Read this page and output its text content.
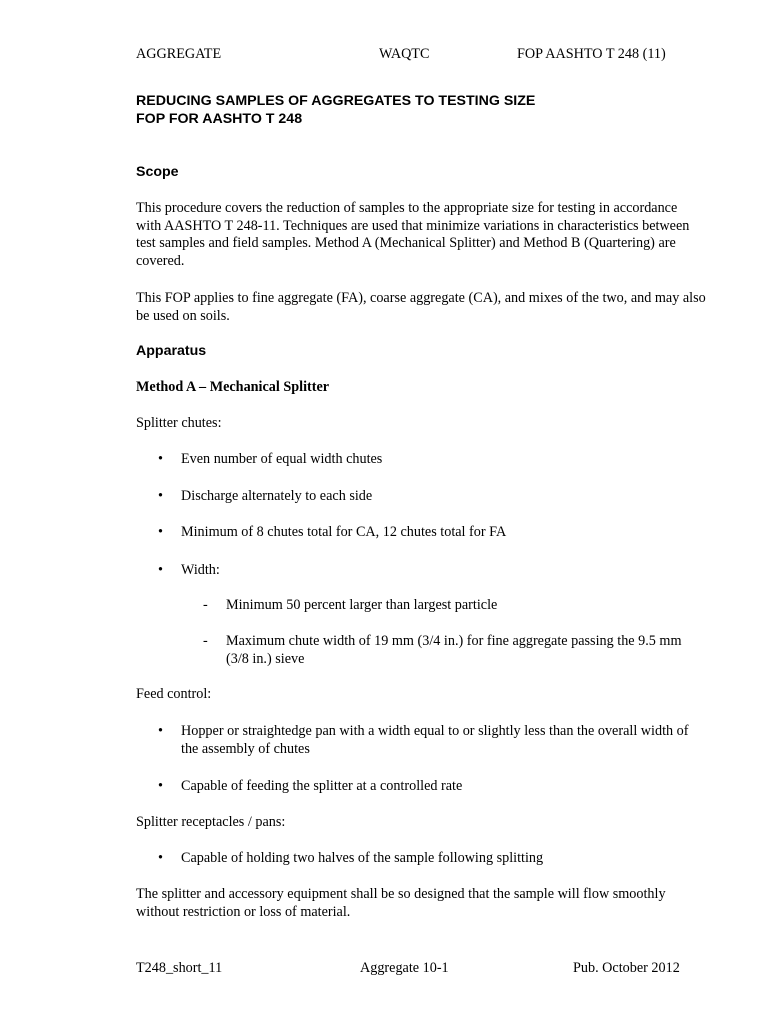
AGGREGATE	WAQTC	FOP AASHTO T 248 (11)
REDUCING SAMPLES OF AGGREGATES TO TESTING SIZE
FOP FOR AASHTO T 248
Scope

This procedure covers the reduction of samples to the appropriate size for testing in accordance with AASHTO T 248-11. Techniques are used that minimize variations in characteristics between test samples and field samples. Method A (Mechanical Splitter) and Method B (Quartering) are covered.

This FOP applies to fine aggregate (FA), coarse aggregate (CA), and mixes of the two, and may also be used on soils.

Apparatus
Method A – Mechanical Splitter
Splitter chutes:
• Even number of equal width chutes
• Discharge alternately to each side
• Minimum of 8 chutes total for CA, 12 chutes total for FA
• Width:
- Minimum 50 percent larger than largest particle
- Maximum chute width of 19 mm (3/4 in.) for fine aggregate passing the 9.5 mm (3/8 in.) sieve
Feed control:
• Hopper or straightedge pan with a width equal to or slightly less than the overall width of the assembly of chutes
• Capable of feeding the splitter at a controlled rate
Splitter receptacles / pans:
• Capable of holding two halves of the sample following splitting

The splitter and accessory equipment shall be so designed that the sample will flow smoothly without restriction or loss of material.

T248_short_11	Aggregate 10-1	Pub. October 2012
